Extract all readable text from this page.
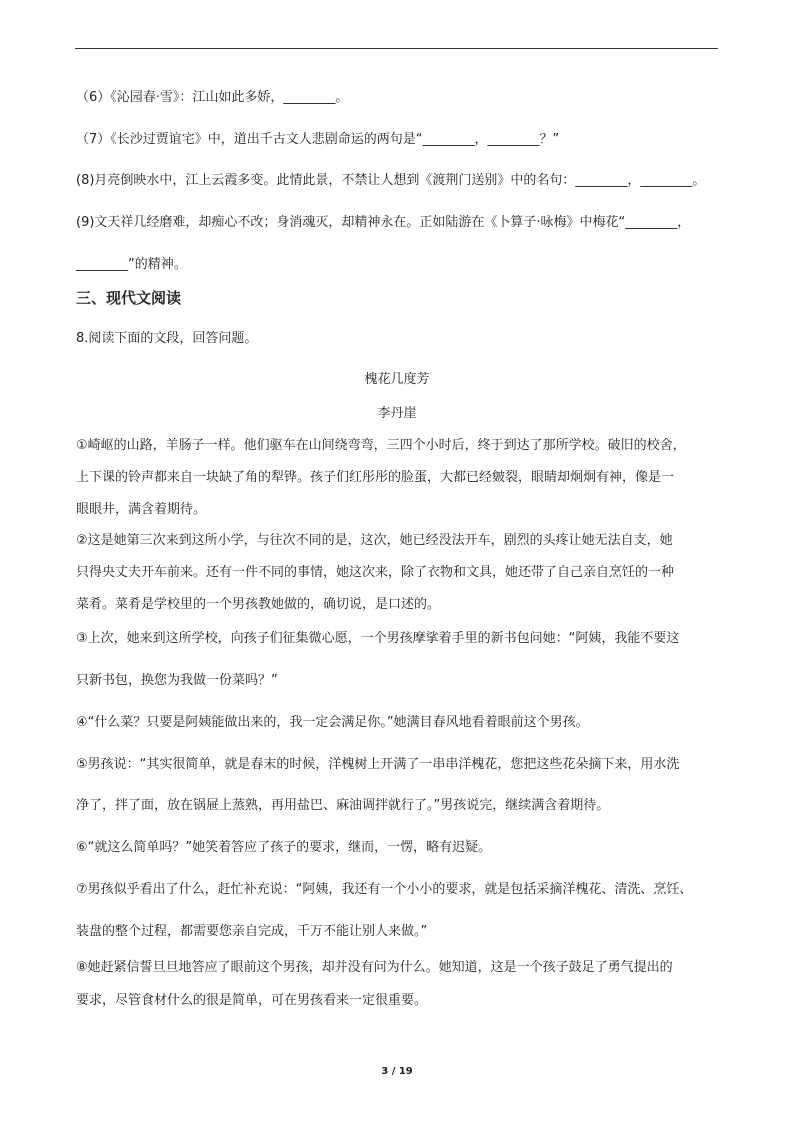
（6）《沁园春·雪》：江山如此多娇，________。
（7）《长沙过贾谊宅》中，道出千古文人悲剧命运的两句是“________，________？”
(8)月亮倒映水中，江上云霞多变。此情此景，不禁让人想到《渡荆门送别》中的名句：________，________。
(9)文天祥几经磨难，却痴心不改；身消魂灭，却精神永在。正如陆游在《卜算子·咏梅》中梅花“________，
________”的精神。
三、现代文阅读
8.阅读下面的文段，回答问题。
槐花几度芳
李丹崖
①崎岖的山路，羊肠子一样。他们驱车在山间绕弯弯，三四个小时后，终于到达了那所学校。破旧的校舍，
上下课的铃声都来自一块缺了角的犁铧。孩子们红彤彤的脸蛋，大都已经皴裂，眼睛却炯炯有神，像是一
眼眼井，满含着期待。
②这是她第三次来到这所小学，与往次不同的是，这次，她已经没法开车，剧烈的头疼让她无法自支，她
只得央丈夫开车前来。还有一件不同的事情，她这次来，除了衣物和文具，她还带了自己亲自烹饪的一种
菜肴。菜肴是学校里的一个男孩教她做的，确切说，是口述的。
③上次，她来到这所学校，向孩子们征集微心愿，一个男孩摩挲着手里的新书包问她：“阿姨，我能不要这
只新书包，换您为我做一份菜吗？”
④“什么菜？只要是阿姨能做出来的，我一定会满足你。”她满目春风地看着眼前这个男孩。
⑤男孩说：“其实很简单，就是春末的时候，洋槐树上开满了一串串洋槐花，您把这些花朵摘下来，用水洗
净了，拌了面，放在锅屉上蒸熟，再用盐巴、麻油调拌就行了。”男孩说完，继续满含着期待。
⑥“就这么简单吗？”她笑着答应了孩子的要求，继而，一愣，略有迟疑。
⑦男孩似乎看出了什么，赶忙补充说：“阿姨，我还有一个小小的要求，就是包括采摘洋槐花、清洗、烹饪、
装盘的整个过程，都需要您亲自完成，千万不能让别人来做。”
⑧她赶紧信誓旦旦地答应了眼前这个男孩，却并没有问为什么。她知道，这是一个孩子鼓足了勇气提出的
要求，尽管食材什么的很是简单，可在男孩看来一定很重要。
3 / 19
